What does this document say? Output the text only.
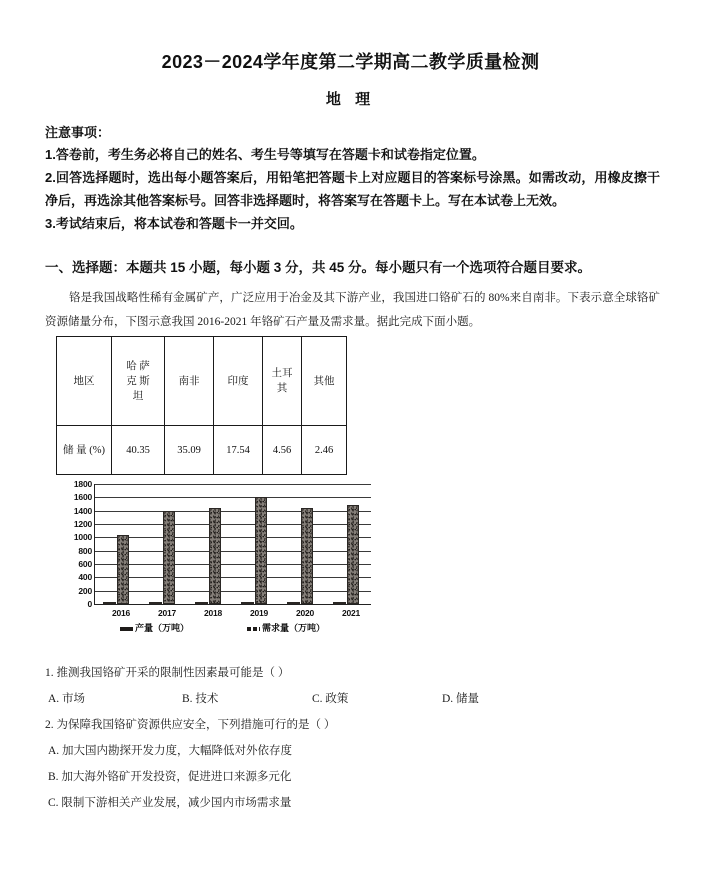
2023－2024学年度第二学期高二教学质量检测
地 理
注意事项：
1.答卷前，考生务必将自己的姓名、考生号等填写在答题卡和试卷指定位置。
2.回答选择题时，选出每小题答案后，用铅笔把答题卡上对应题目的答案标号涂黑。如需改动，用橡皮擦干净后，再选涂其他答案标号。回答非选择题时，将答案写在答题卡上。写在本试卷上无效。
3.考试结束后，将本试卷和答题卡一并交回。
一、选择题：本题共 15 小题，每小题 3 分，共 45 分。每小题只有一个选项符合题目要求。
铬是我国战略性稀有金属矿产，广泛应用于冶金及其下游产业，我国进口铬矿石的 80%来自南非。下表示意全球铬矿资源储量分布，下图示意我国 2016-2021 年铬矿石产量及需求量。据此完成下面小题。
地区	哈 萨
克 斯
坦	南非	印度	土耳
其	其他
储 量 (%)	40.35	35.09	17.54	4.56	2.46
0
200
400
600
800
1000
1200
1400
1600
1800
2016	2017	2018	2019	2020	2021
产量（万吨）	需求量（万吨）
1. 推测我国铬矿开采的限制性因素最可能是（ ）
A. 市场	B. 技术	C. 政策	D. 储量
2. 为保障我国铬矿资源供应安全，下列措施可行的是（ ）
A. 加大国内勘探开发力度，大幅降低对外依存度
B. 加大海外铬矿开发投资，促进进口来源多元化
C. 限制下游相关产业发展，减少国内市场需求量
